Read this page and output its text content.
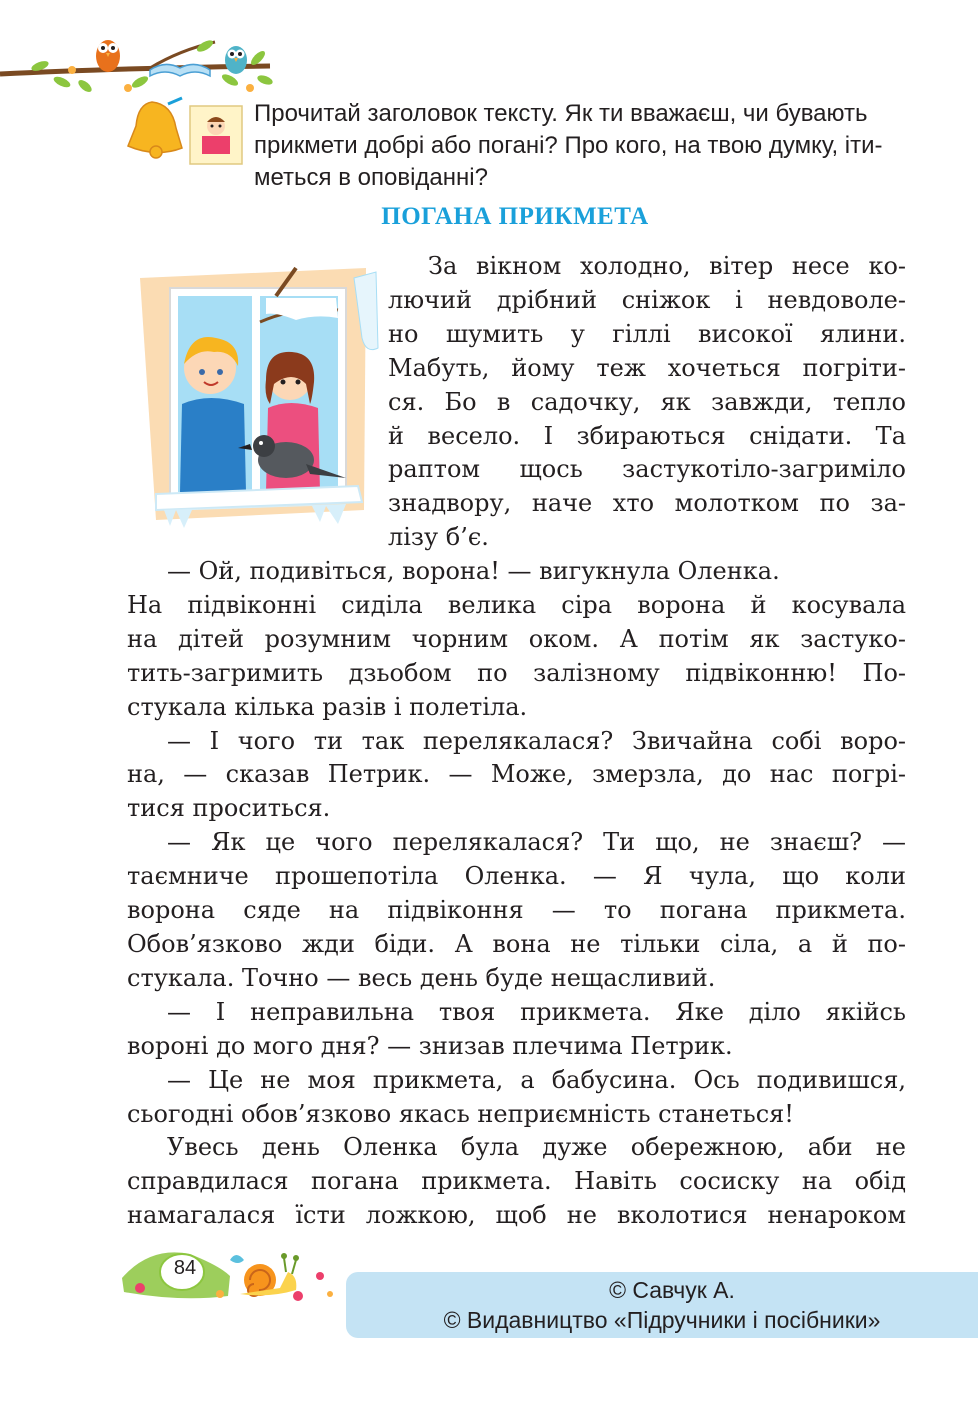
Прочитай заголовок тексту. Як ти вважаєш, чи бувають
прикмети добрі або погані? Про кого, на твою думку, іти-
меться в оповіданні?
ПОГАНА ПРИКМЕТА
За вікном холодно, вітер несе ко-
лючий дрібний сніжок і невдоволе-
но шумить у гіллі високої ялини.
Мабуть, йому теж хочеться погріти-
ся. Бо в садочку, як завжди, тепло
й весело. І збираються снідати. Та
раптом щось застукотіло-загриміло
знадвору, наче хто молотком по за-
лізу б’є.
— Ой, подивіться, ворона! — вигукнула Оленка.
На підвіконні сиділа велика сіра ворона й косувала
на дітей розумним чорним оком. А потім як застуко-
тить-загримить дзьобом по залізному підвіконню! По-
стукала кілька разів і полетіла.
— І чого ти так перелякалася? Звичайна собі воро-
на, — сказав Петрик. — Може, змерзла, до нас погрі-
тися проситься.
— Як це чого перелякалася? Ти що, не знаєш? —
таємниче прошепотіла Оленка. — Я чула, що коли
ворона сяде на підвіконня — то погана прикмета.
Обов’язково жди біди. А вона не тільки сіла, а й по-
стукала. Точно — весь день буде нещасливий.
— І неправильна твоя прикмета. Яке діло якійсь
вороні до мого дня? — знизав плечима Петрик.
— Це не моя прикмета, а бабусина. Ось подивишся,
сьогодні обов’язково якась неприємність станеться!
Увесь день Оленка була дуже обережною, аби не
справдилася погана прикмета. Навіть сосиску на обід
намагалася їсти ложкою, щоб не вколотися ненароком
84
© Савчук А.
© Видавництво «Підручники і посібники»
